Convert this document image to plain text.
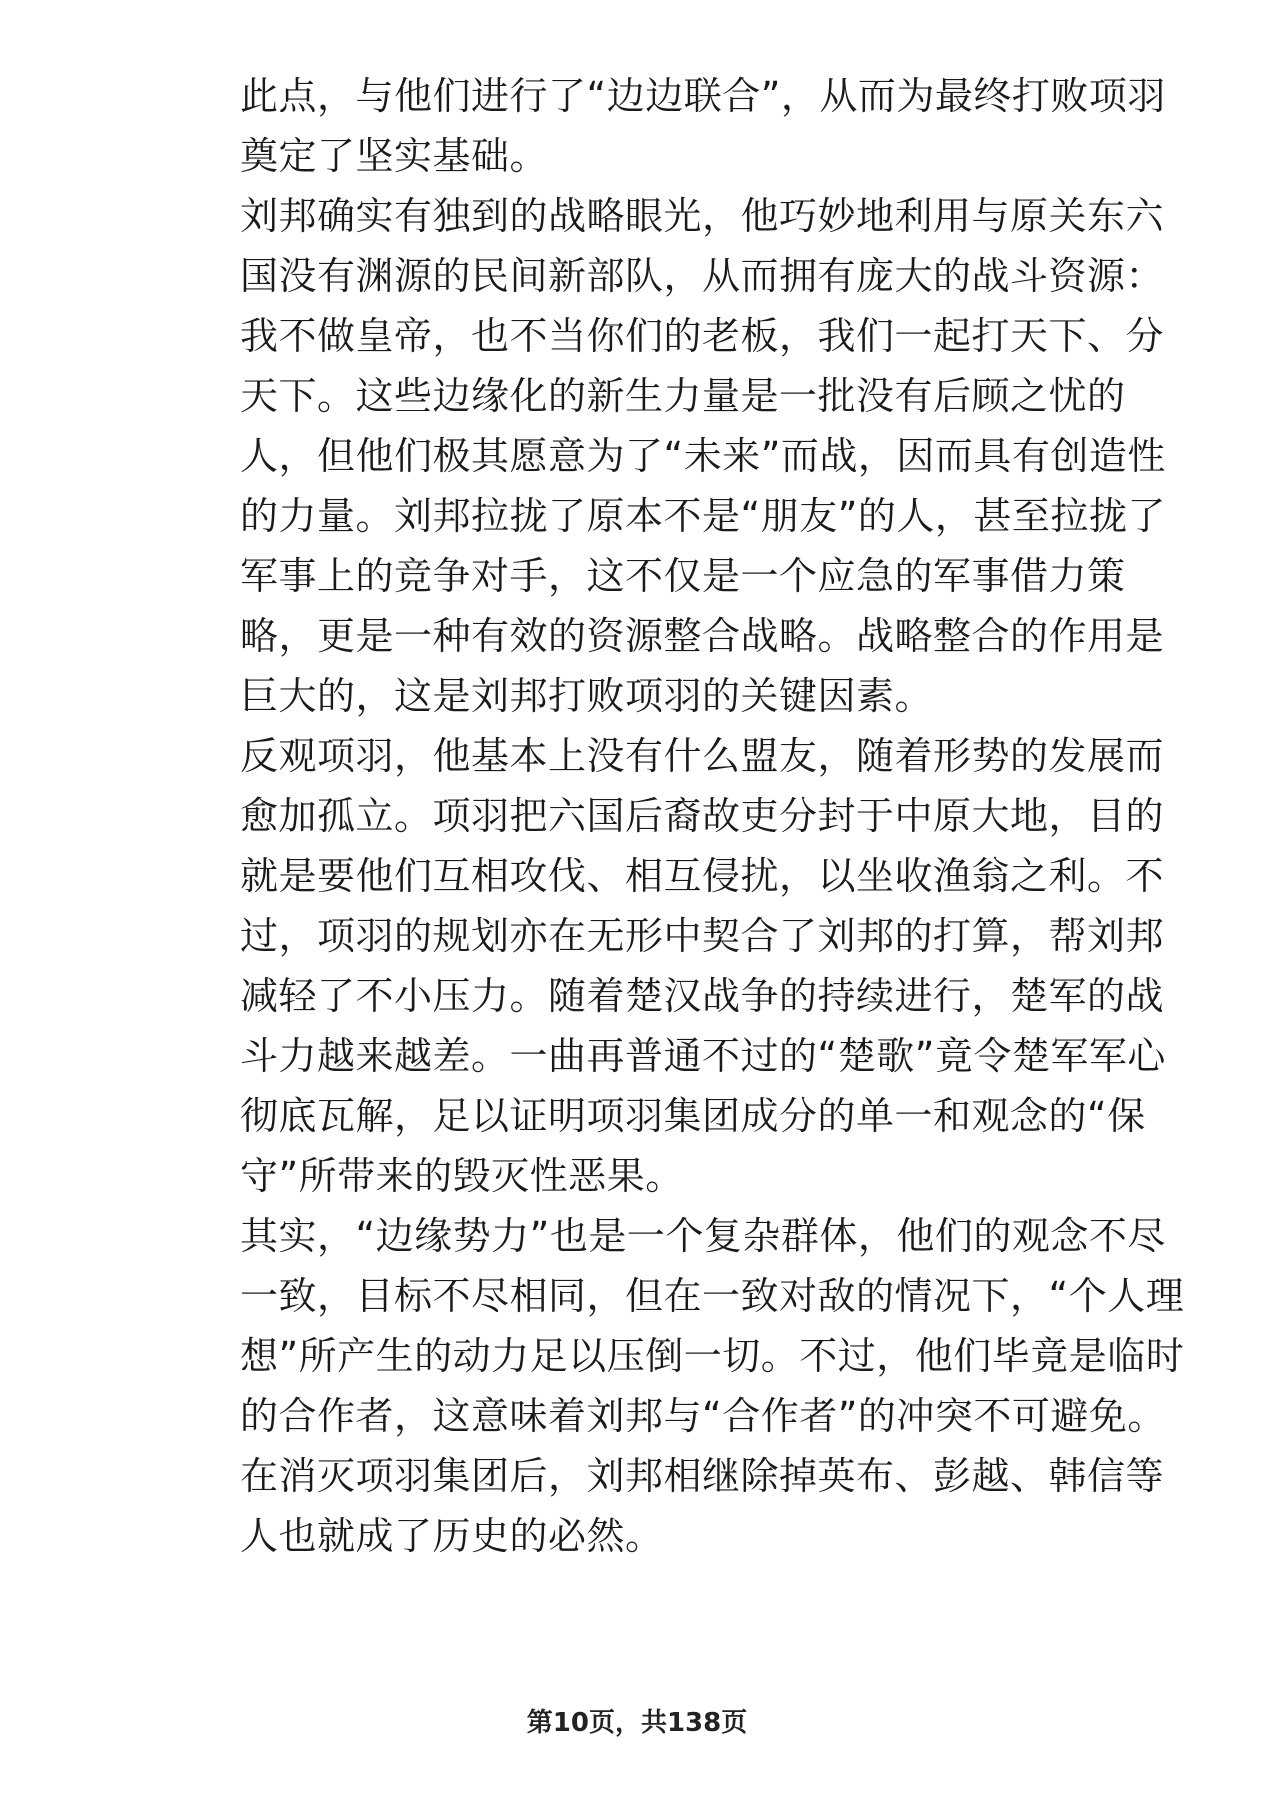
此点，与他们进行了“边边联合”，从而为最终打败项羽
奠定了坚实基础。
刘邦确实有独到的战略眼光，他巧妙地利用与原关东六
国没有渊源的民间新部队，从而拥有庞大的战斗资源：
我不做皇帝，也不当你们的老板，我们一起打天下、分
天下。这些边缘化的新生力量是一批没有后顾之忧的
人，但他们极其愿意为了“未来”而战，因而具有创造性
的力量。刘邦拉拢了原本不是“朋友”的人，甚至拉拢了
军事上的竞争对手，这不仅是一个应急的军事借力策
略，更是一种有效的资源整合战略。战略整合的作用是
巨大的，这是刘邦打败项羽的关键因素。
反观项羽，他基本上没有什么盟友，随着形势的发展而
愈加孤立。项羽把六国后裔故吏分封于中原大地，目的
就是要他们互相攻伐、相互侵扰，以坐收渔翁之利。不
过，项羽的规划亦在无形中契合了刘邦的打算，帮刘邦
减轻了不小压力。随着楚汉战争的持续进行，楚军的战
斗力越来越差。一曲再普通不过的“楚歌”竟令楚军军心
彻底瓦解，足以证明项羽集团成分的单一和观念的“保
守”所带来的毁灭性恶果。
其实，“边缘势力”也是一个复杂群体，他们的观念不尽
一致，目标不尽相同，但在一致对敌的情况下，“个人理
想”所产生的动力足以压倒一切。不过，他们毕竟是临时
的合作者，这意味着刘邦与“合作者”的冲突不可避免。
在消灭项羽集团后，刘邦相继除掉英布、彭越、韩信等
人也就成了历史的必然。
第10页，共138页
